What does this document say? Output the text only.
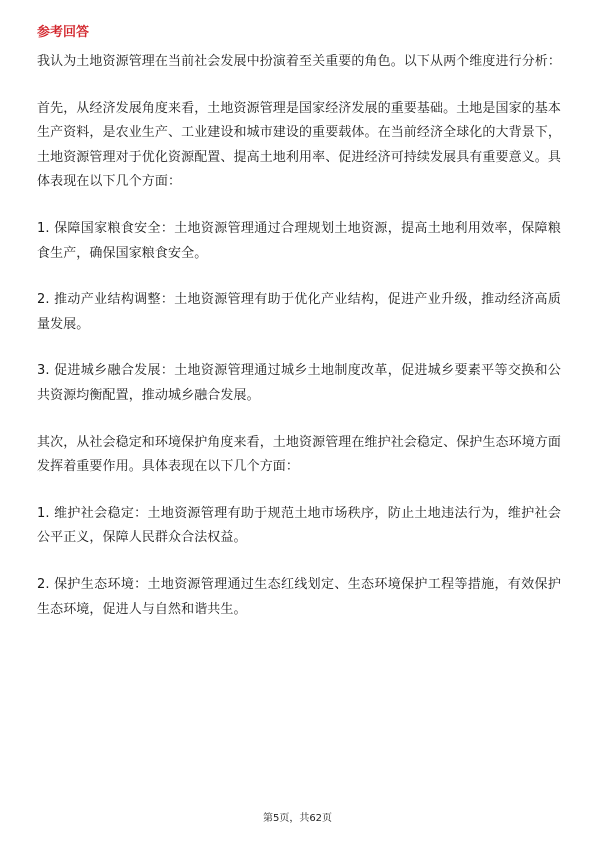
参考回答

我认为土地资源管理在当前社会发展中扮演着至关重要的角色。以下从两个维度进行分析：

首先，从经济发展角度来看，土地资源管理是国家经济发展的重要基础。土地是国家的基本生产资料，是农业生产、工业建设和城市建设的重要载体。在当前经济全球化的大背景下，土地资源管理对于优化资源配置、提高土地利用率、促进经济可持续发展具有重要意义。具体表现在以下几个方面：

1. 保障国家粮食安全：土地资源管理通过合理规划土地资源，提高土地利用效率，保障粮食生产，确保国家粮食安全。

2. 推动产业结构调整：土地资源管理有助于优化产业结构，促进产业升级，推动经济高质量发展。

3. 促进城乡融合发展：土地资源管理通过城乡土地制度改革，促进城乡要素平等交换和公共资源均衡配置，推动城乡融合发展。

其次，从社会稳定和环境保护角度来看，土地资源管理在维护社会稳定、保护生态环境方面发挥着重要作用。具体表现在以下几个方面：

1. 维护社会稳定：土地资源管理有助于规范土地市场秩序，防止土地违法行为，维护社会公平正义，保障人民群众合法权益。

2. 保护生态环境：土地资源管理通过生态红线划定、生态环境保护工程等措施，有效保护生态环境，促进人与自然和谐共生。

第5页，共62页
